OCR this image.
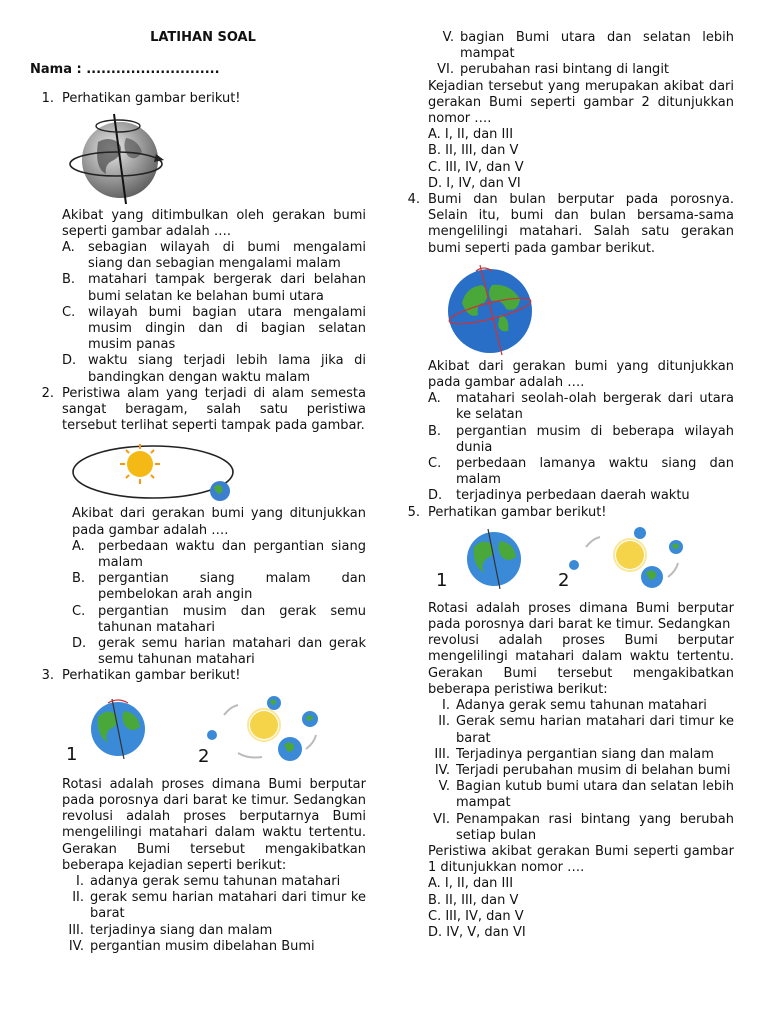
LATIHAN SOAL

Nama : ...........................
1. Perhatikan gambar berikut!
Akibat yang ditimbulkan oleh gerakan bumi seperti gambar adalah ….
A.	sebagian wilayah di bumi mengalami siang dan sebagian mengalami malam
B. matahari tampak bergerak dari belahan bumi selatan ke belahan bumi utara
C. wilayah bumi bagian utara mengalami musim dingin dan di bagian selatan musim panas
D. waktu siang terjadi lebih lama jika di bandingkan dengan waktu malam
2. Peristiwa alam yang terjadi di alam semesta sangat beragam, salah satu peristiwa tersebut terlihat seperti tampak pada gambar.
Akibat dari gerakan bumi yang ditunjukkan pada gambar adalah ….
A.	perbedaan waktu dan pergantian siang malam
B. pergantian siang malam dan pembelokan arah angin
C. pergantian musim dan gerak semu tahunan matahari
D. gerak semu harian matahari dan gerak semu tahunan matahari
3. Perhatikan gambar berikut!
1	2
Rotasi adalah proses dimana Bumi berputar pada porosnya dari barat ke timur. Sedangkan revolusi adalah proses berputarnya Bumi mengelilingi matahari dalam waktu tertentu. Gerakan Bumi tersebut mengakibatkan beberapa kejadian seperti berikut:
I. adanya gerak semu tahunan matahari
II. gerak semu harian matahari dari timur ke barat
III. terjadinya siang dan malam
IV. pergantian musim dibelahan Bumi
V. bagian Bumi utara dan selatan lebih mampat
VI. perubahan rasi bintang di langit
Kejadian tersebut yang merupakan akibat dari gerakan Bumi seperti gambar 2 ditunjukkan nomor ….
A. I, II, dan III
B. II, III, dan V
C. III, IV, dan V
D. I, IV, dan VI
4. Bumi dan bulan berputar pada porosnya. Selain itu, bumi dan bulan bersama-sama mengelilingi matahari. Salah satu gerakan bumi seperti pada gambar berikut.
Akibat dari gerakan bumi yang ditunjukkan pada gambar adalah ….
A.	matahari seolah-olah bergerak dari utara ke selatan
B.	pergantian musim di beberapa wilayah dunia
C.	perbedaan lamanya waktu siang dan malam
D.	terjadinya perbedaan daerah waktu
5. Perhatikan gambar berikut!
1	2
Rotasi adalah proses dimana Bumi berputar pada porosnya dari barat ke timur. Sedangkan
revolusi adalah proses Bumi berputar mengelilingi matahari dalam waktu tertentu. Gerakan Bumi tersebut mengakibatkan beberapa peristiwa berikut:
I. Adanya gerak semu tahunan matahari
II. Gerak semu harian matahari dari timur ke barat
III. Terjadinya pergantian siang dan malam
IV. Terjadi perubahan musim di belahan bumi
V. Bagian kutub bumi utara dan selatan lebih mampat
VI. Penampakan rasi bintang yang berubah setiap bulan
Peristiwa akibat gerakan Bumi seperti gambar 1 ditunjukkan nomor ….
A. I, II, dan III
B. II, III, dan V
C. III, IV, dan V
D. IV, V, dan VI
